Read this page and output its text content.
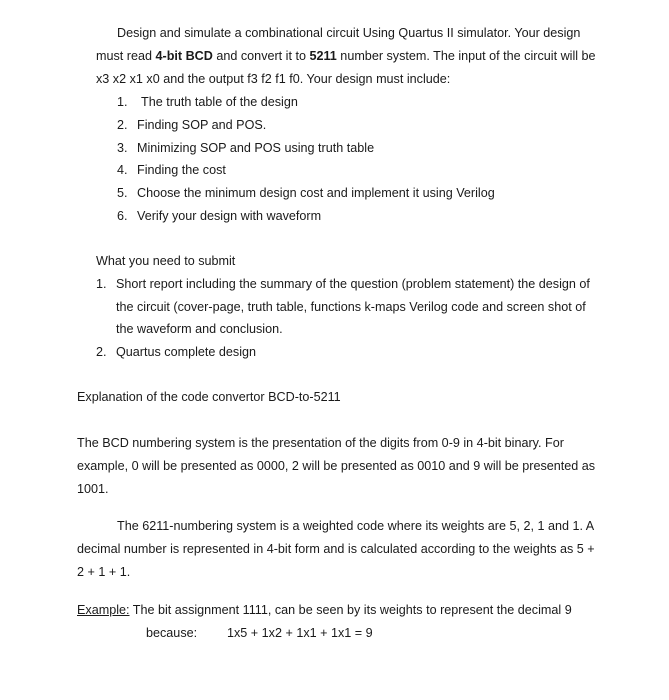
Design and simulate a combinational circuit Using Quartus II simulator. Your design
must read 4-bit BCD and convert it to 5211 number system. The input of the circuit will be
x3 x2 x1 x0 and the output f3 f2 f1 f0. Your design must include:
1. The truth table of the design
2. Finding SOP and POS.
3. Minimizing SOP and POS using truth table
4. Finding the cost
5. Choose the minimum design cost and implement it using Verilog
6. Verify your design with waveform
What you need to submit
1. Short report including the summary of the question (problem statement) the design of
the circuit (cover-page, truth table, functions k-maps Verilog code and screen shot of
the waveform and conclusion.
2. Quartus complete design
Explanation of the code convertor BCD-to-5211
The BCD numbering system is the presentation of the digits from 0-9 in 4-bit binary. For
example, 0 will be presented as 0000, 2 will be presented as 0010 and 9 will be presented as
1001.
The 6211-numbering system is a weighted code where its weights are 5, 2, 1 and 1. A
decimal number is represented in 4-bit form and is calculated according to the weights as 5 +
2 + 1 + 1.
Example: The bit assignment 1111, can be seen by its weights to represent the decimal 9
because: 1x5 + 1x2 + 1x1 + 1x1 = 9
